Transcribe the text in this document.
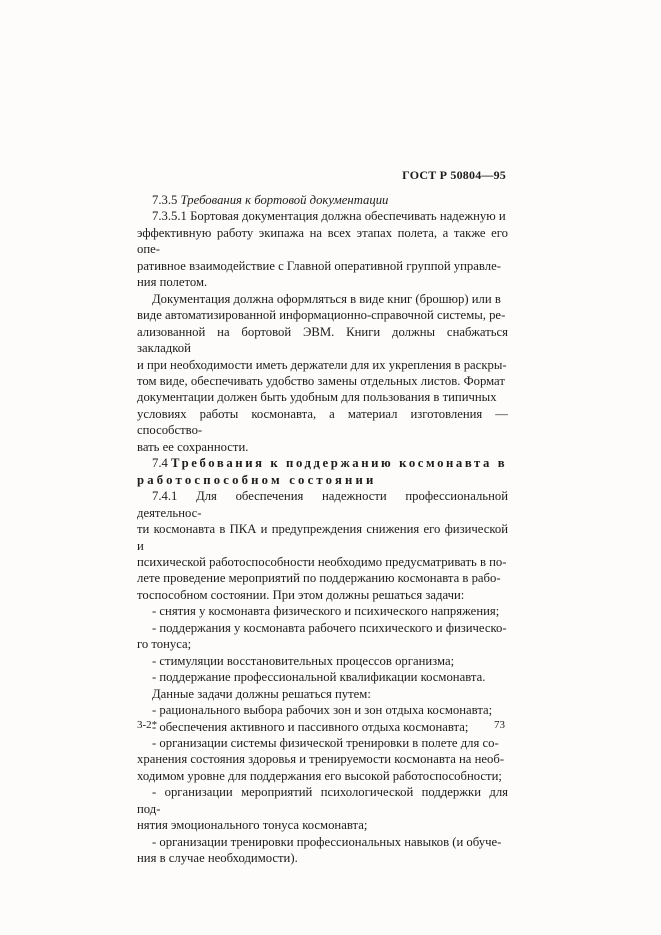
ГОСТ Р 50804—95

7.3.5 Требования к бортовой документации

7.3.5.1 Бортовая документация должна обеспечивать надежную и

эффективную работу экипажа на всех этапах полета, а также его опе-

ративное взаимодействие с Главной оперативной группой управле-

ния полетом.

Документация должна оформляться в виде книг (брошюр) или в

виде автоматизированной информационно-справочной системы, ре-

ализованной на бортовой ЭВМ. Книги должны снабжаться закладкой

и при необходимости иметь держатели для их укрепления в раскры-

том виде, обеспечивать удобство замены отдельных листов. Формат

документации должен быть удобным для пользования в типичных

условиях работы космонавта, а материал изготовления — способство-

вать ее сохранности.

7.4 Требования к поддержанию космонавта в

работоспособном состоянии

7.4.1 Для обеспечения надежности профессиональной деятельнос-

ти космонавта в ПКА и предупреждения снижения его физической и

психической работоспособности необходимо предусматривать в по-

лете проведение мероприятий по поддержанию космонавта в рабо-

тоспособном состоянии. При этом должны решаться задачи:

- снятия у космонавта физического и психического напряжения;

- поддержания у космонавта рабочего психического и физическо-

го тонуса;

- стимуляции восстановительных процессов организма;

- поддержание профессиональной квалификации космонавта.

Данные задачи должны решаться путем:

- рационального выбора рабочих зон и зон отдыха космонавта;

- обеспечения активного и пассивного отдыха космонавта;

- организации системы физической тренировки в полете для со-

хранения состояния здоровья и тренируемости космонавта на необ-

ходимом уровне для поддержания его высокой работоспособности;

- организации мероприятий психологической поддержки для под-

нятия эмоционального тонуса космонавта;

- организации тренировки профессиональных навыков (и обуче-

ния в случае необходимости).

3-2*	73
